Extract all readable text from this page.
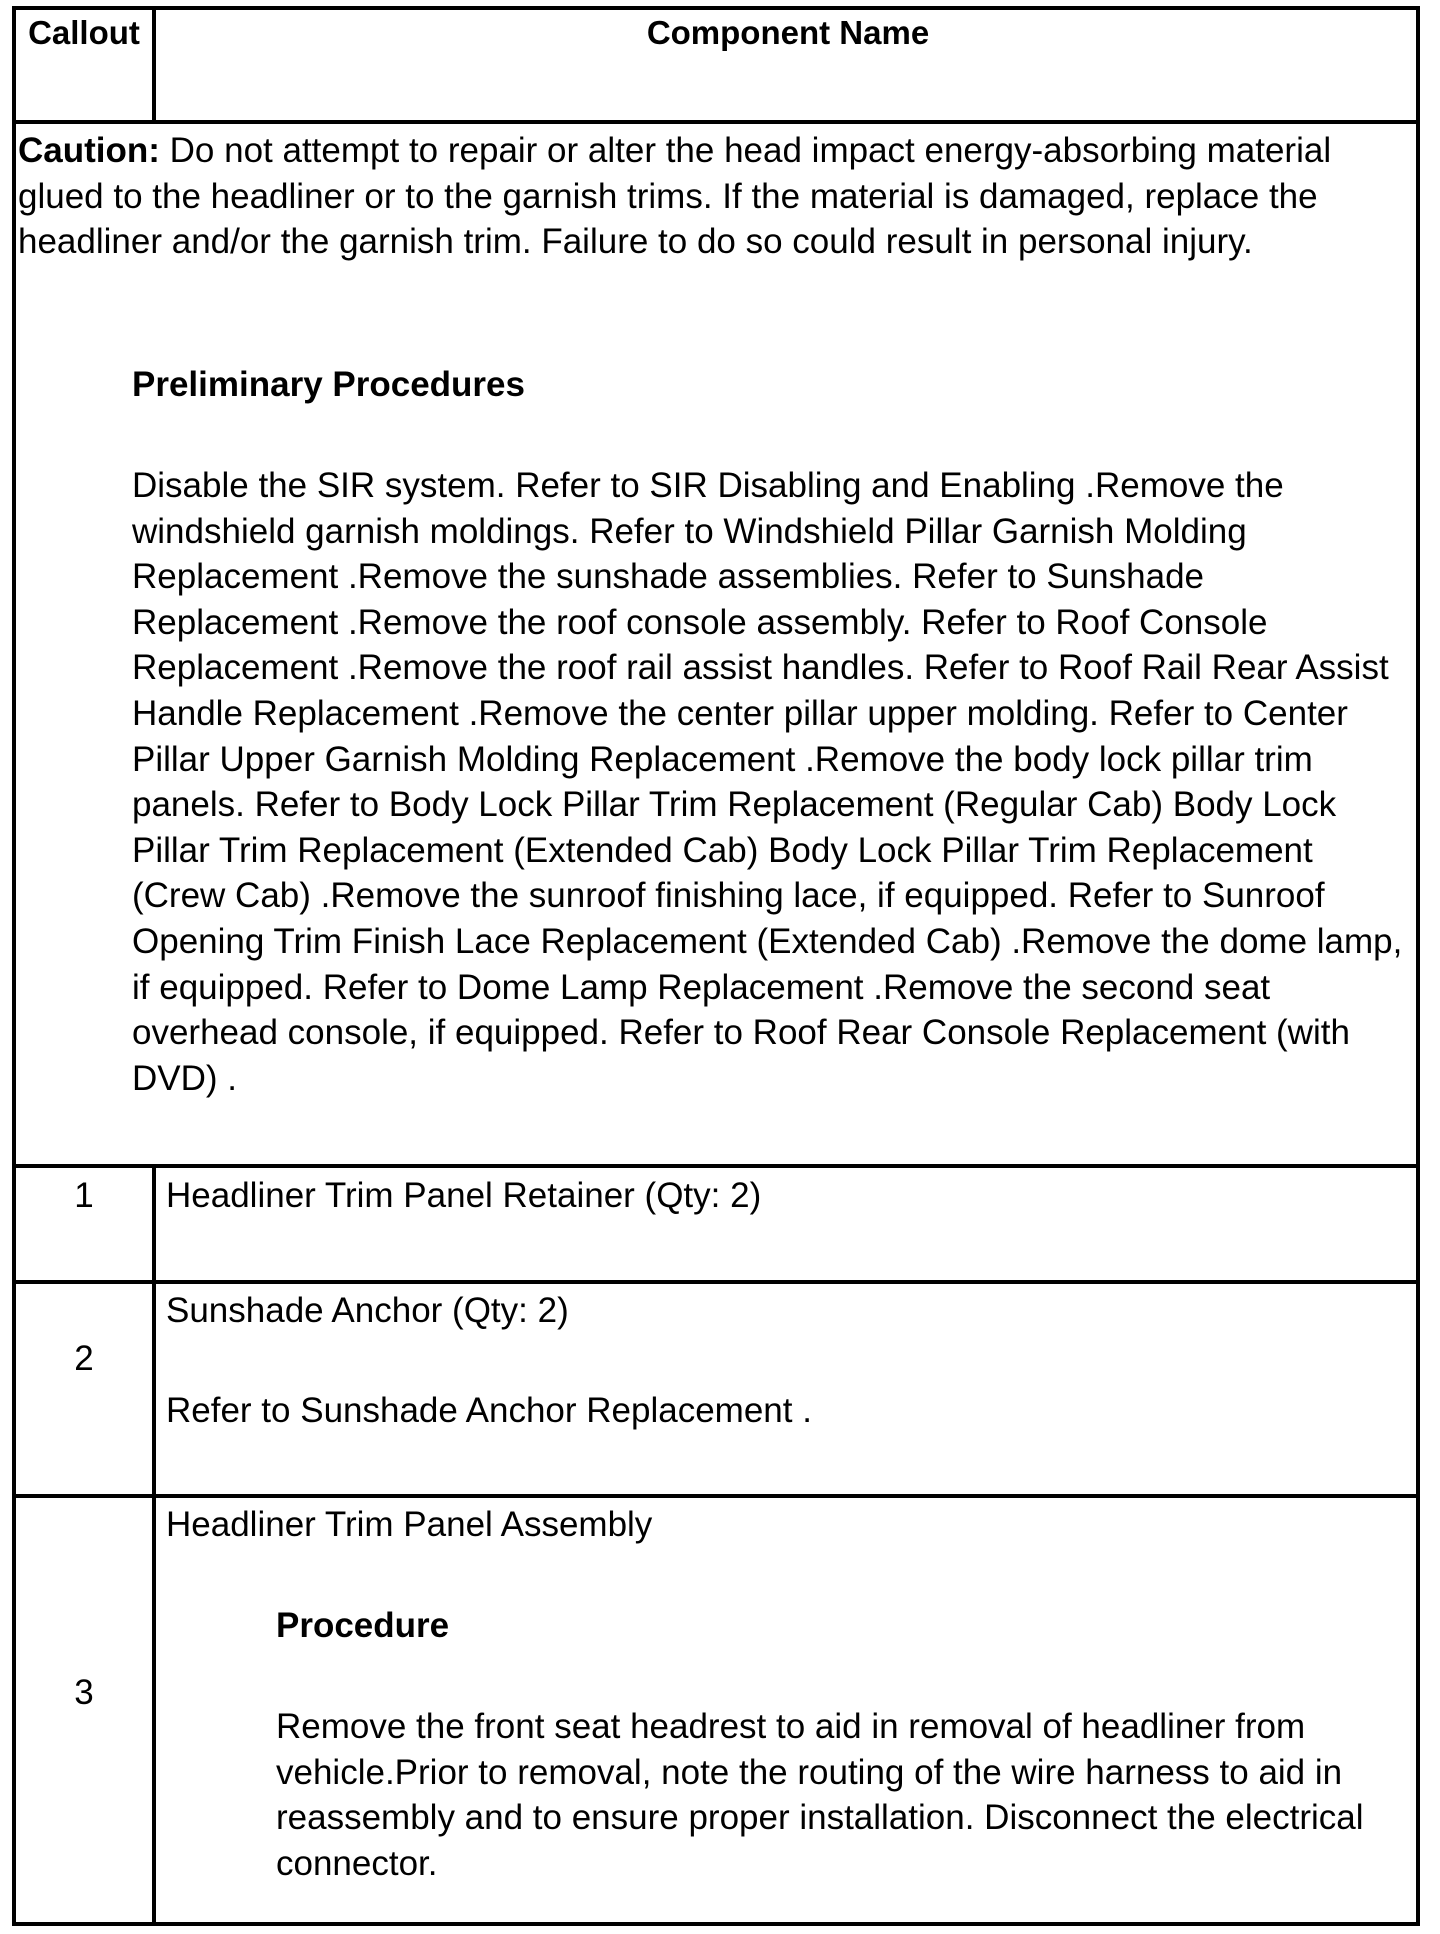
Callout	Component Name
Caution: Do not attempt to repair or alter the head impact energy-absorbing material glued to the headliner or to the garnish trims. If the material is damaged, replace the headliner and/or the garnish trim. Failure to do so could result in personal injury.
Preliminary Procedures
Disable the SIR system. Refer to SIR Disabling and Enabling .Remove the windshield garnish moldings. Refer to Windshield Pillar Garnish Molding Replacement .Remove the sunshade assemblies. Refer to Sunshade Replacement .Remove the roof console assembly. Refer to Roof Console Replacement .Remove the roof rail assist handles. Refer to Roof Rail Rear Assist Handle Replacement .Remove the center pillar upper molding. Refer to Center Pillar Upper Garnish Molding Replacement .Remove the body lock pillar trim panels. Refer to Body Lock Pillar Trim Replacement (Regular Cab) Body Lock Pillar Trim Replacement (Extended Cab) Body Lock Pillar Trim Replacement (Crew Cab) .Remove the sunroof finishing lace, if equipped. Refer to Sunroof Opening Trim Finish Lace Replacement (Extended Cab) .Remove the dome lamp, if equipped. Refer to Dome Lamp Replacement .Remove the second seat overhead console, if equipped. Refer to Roof Rear Console Replacement (with DVD) .
1	Headliner Trim Panel Retainer (Qty: 2)
2
Sunshade Anchor (Qty: 2)
Refer to Sunshade Anchor Replacement .
3
Headliner Trim Panel Assembly
Procedure
Remove the front seat headrest to aid in removal of headliner from vehicle.Prior to removal, note the routing of the wire harness to aid in reassembly and to ensure proper installation. Disconnect the electrical connector.
